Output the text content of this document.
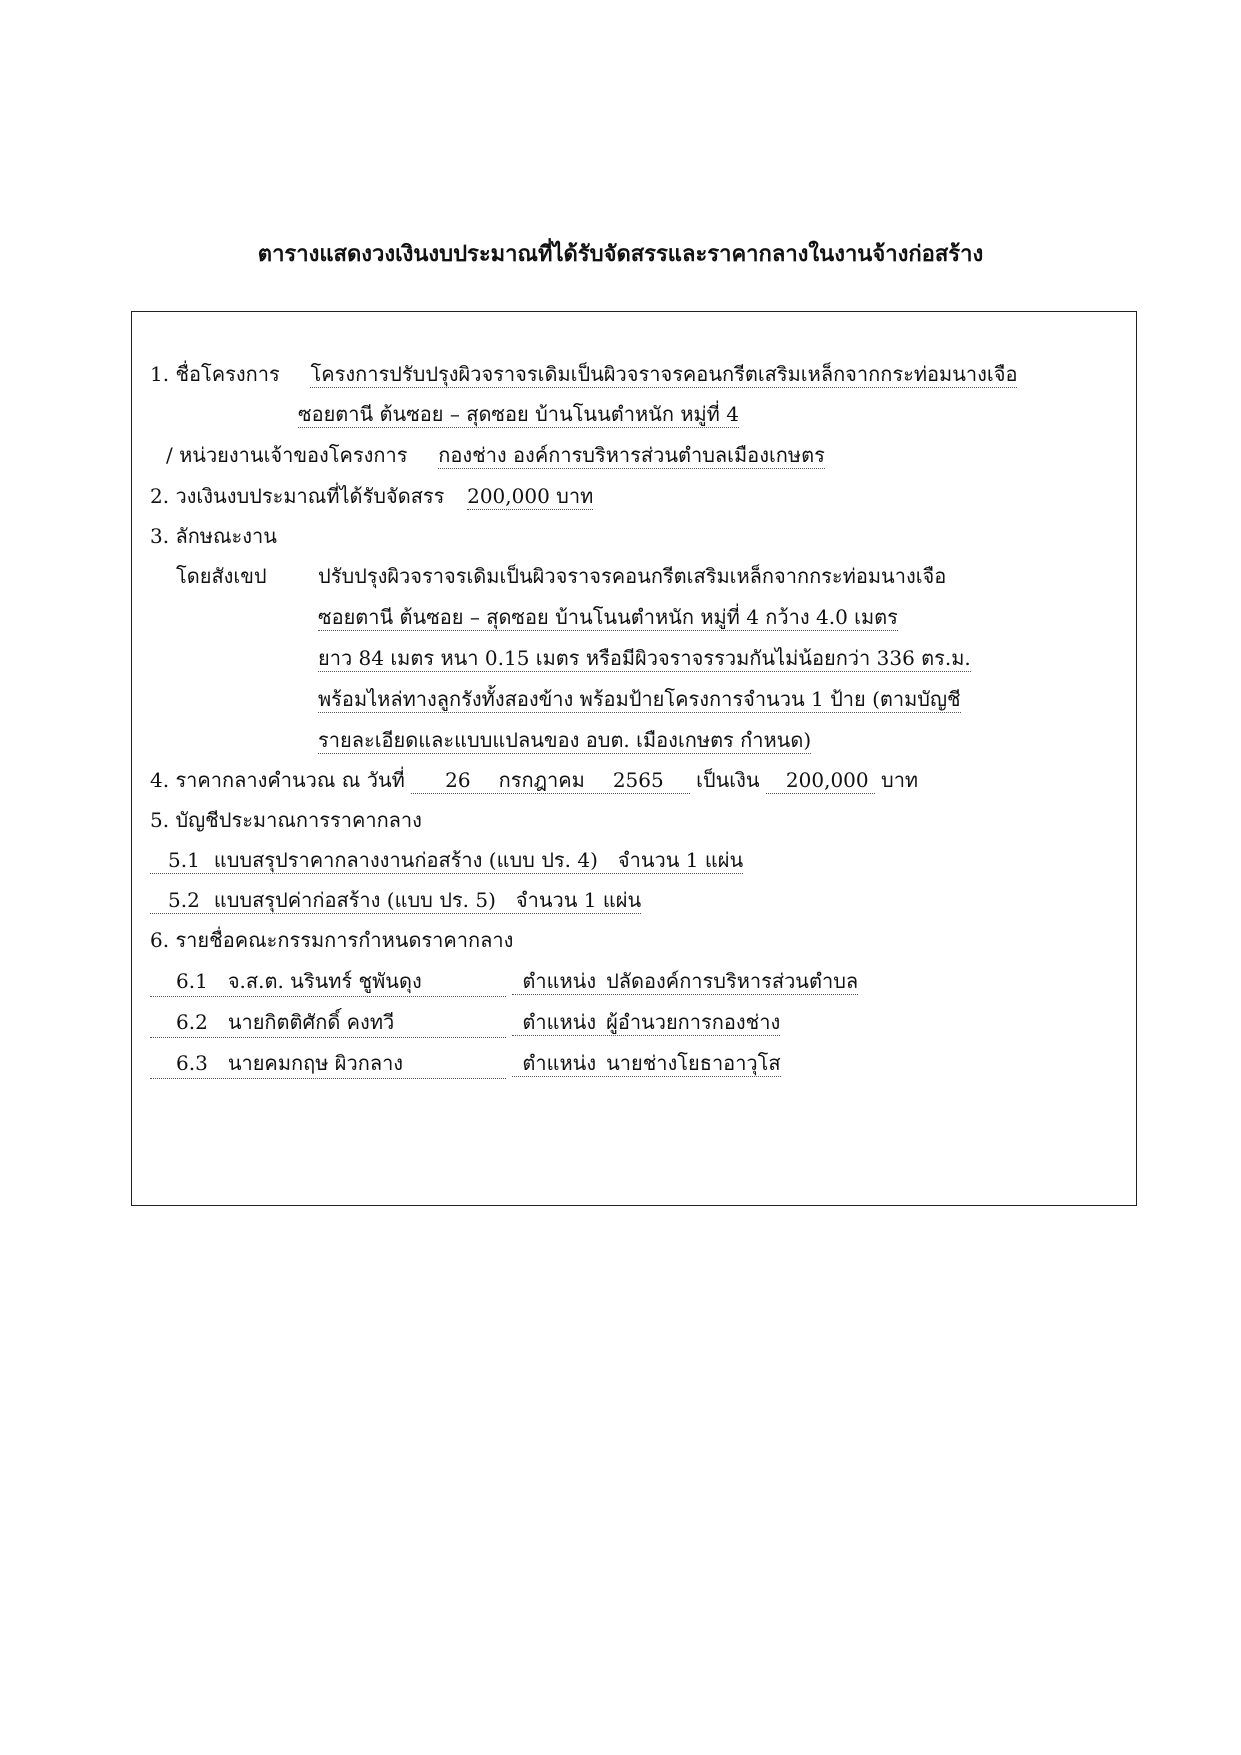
ตารางแสดงวงเงินงบประมาณที่ได้รับจัดสรรและราคากลางในงานจ้างก่อสร้าง
1. ชื่อโครงการ โครงการปรับปรุงผิวจราจรเดิมเป็นผิวจราจรคอนกรีตเสริมเหล็กจากกระท่อมนางเจือ
ซอยตานี ต้นซอย – สุดซอย บ้านโนนตำหนัก หมู่ที่ 4
/ หน่วยงานเจ้าของโครงการ กองช่าง องค์การบริหารส่วนตำบลเมืองเกษตร
2. วงเงินงบประมาณที่ได้รับจัดสรร 200,000 บาท
3. ลักษณะงาน
โดยสังเขป	ปรับปรุงผิวจราจรเดิมเป็นผิวจราจรคอนกรีตเสริมเหล็กจากกระท่อมนางเจือ
ซอยตานี ต้นซอย – สุดซอย บ้านโนนตำหนัก หมู่ที่ 4 กว้าง 4.0 เมตร
ยาว 84 เมตร หนา 0.15 เมตร หรือมีผิวจราจรรวมกันไม่น้อยกว่า 336 ตร.ม.
พร้อมไหล่ทางลูกรังทั้งสองข้าง พร้อมป้ายโครงการจำนวน 1 ป้าย (ตามบัญชี
รายละเอียดและแบบแปลนของ อบต. เมืองเกษตร กำหนด)
4. ราคากลางคำนวณ ณ วันที่ 26 กรกฎาคม 2565 เป็นเงิน 200,000 บาท
5. บัญชีประมาณการราคากลาง
5.1 แบบสรุปราคากลางงานก่อสร้าง (แบบ ปร. 4) จำนวน 1 แผ่น
5.2 แบบสรุปค่าก่อสร้าง (แบบ ปร. 5) จำนวน 1 แผ่น
6. รายชื่อคณะกรรมการกำหนดราคากลาง
6.1 จ.ส.ต. นรินทร์ ชูพันดุง	ตำแหน่ง ปลัดองค์การบริหารส่วนตำบล
6.2 นายกิตติศักดิ์ คงทวี	ตำแหน่ง ผู้อำนวยการกองช่าง
6.3 นายคมกฤษ ผิวกลาง	ตำแหน่ง นายช่างโยธาอาวุโส
